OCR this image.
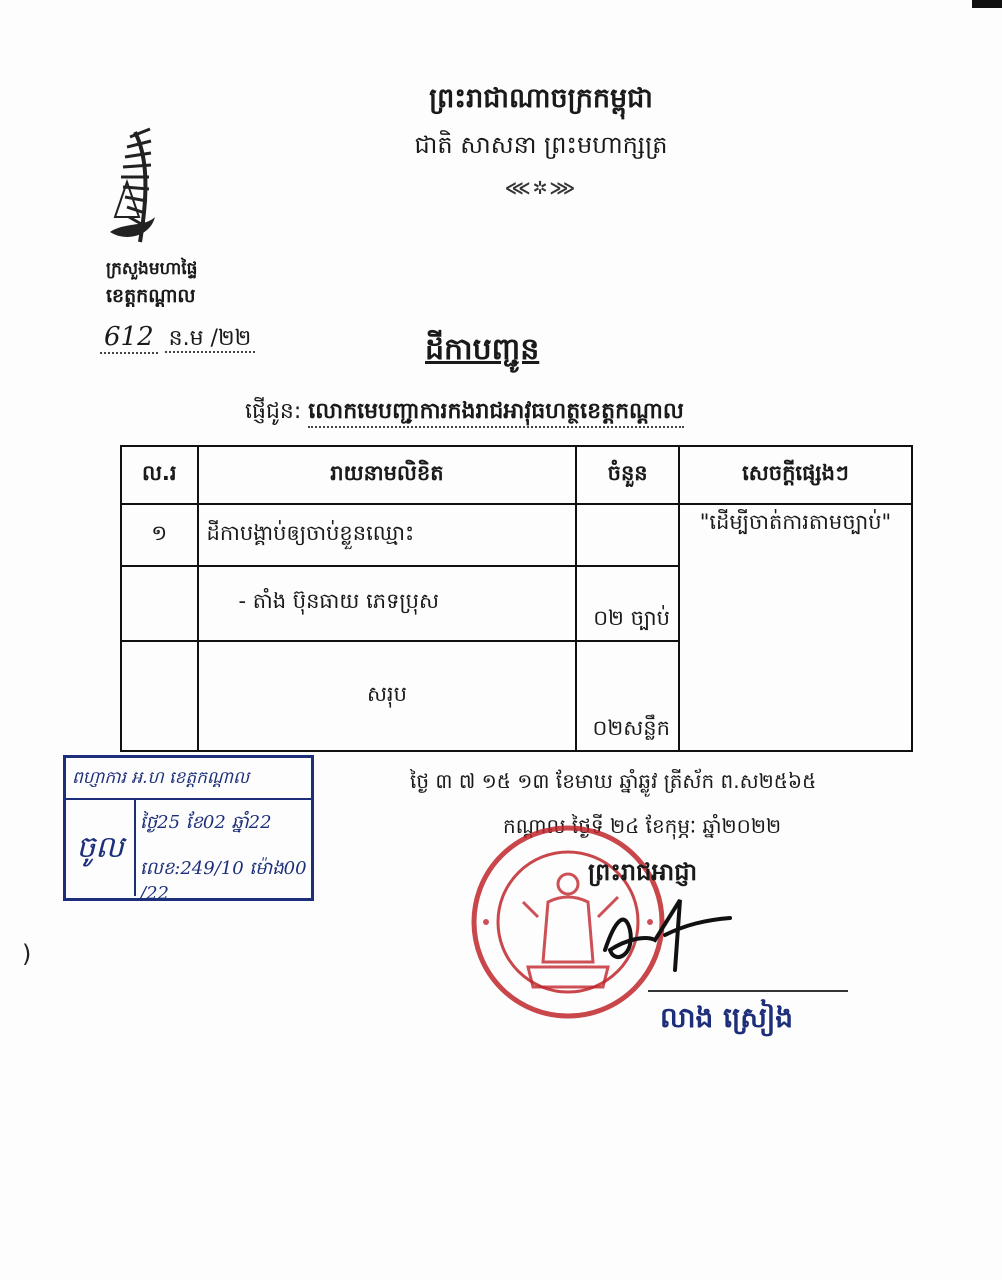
ព្រះរាជាណាចក្រកម្ពុជា
ជាតិ សាសនា ព្រះមហាក្សត្រ
⋘✲⋙
ក្រសួងមហាផ្ទៃ
ខេត្តកណ្ដាល
612 ន.ម /២២	ដីកាបញ្ជូន
ផ្ញើជូន: លោកមេបញ្ជាការកងរាជអាវុធហត្ថខេត្តកណ្ដាល
ល.រ	រាយនាមលិខិត	ចំនួន	សេចក្ដីផ្សេងៗ
១	ដីកាបង្គាប់ឲ្យចាប់ខ្លួនឈ្មោះ		"ដើម្បីចាត់ការតាមច្បាប់"
	- តាំង ប៊ុនធាយ ភេទប្រុស	០២ ច្បាប់	
	សរុប	០២សន្លឹក	
ពហ្ញាការ អ.ហ ខេត្តកណ្ដាល
ចូល
ថ្ងៃ25 ខែ02 ឆ្នាំ22
លេខ:249/10 ម៉ោង00 /22
ថ្ងៃ ៣ ៧ ១៥ ១៣ ខែមាឃ ឆ្នាំឆ្លូវ ត្រីស័ក ព.ស២៥៦៥
កណ្ដាល ថ្ងៃទី ២៤ ខែកុម្ភៈ ឆ្នាំ២០២២
ព្រះរាជអាជ្ញា
លាង ស្រៀង
)
